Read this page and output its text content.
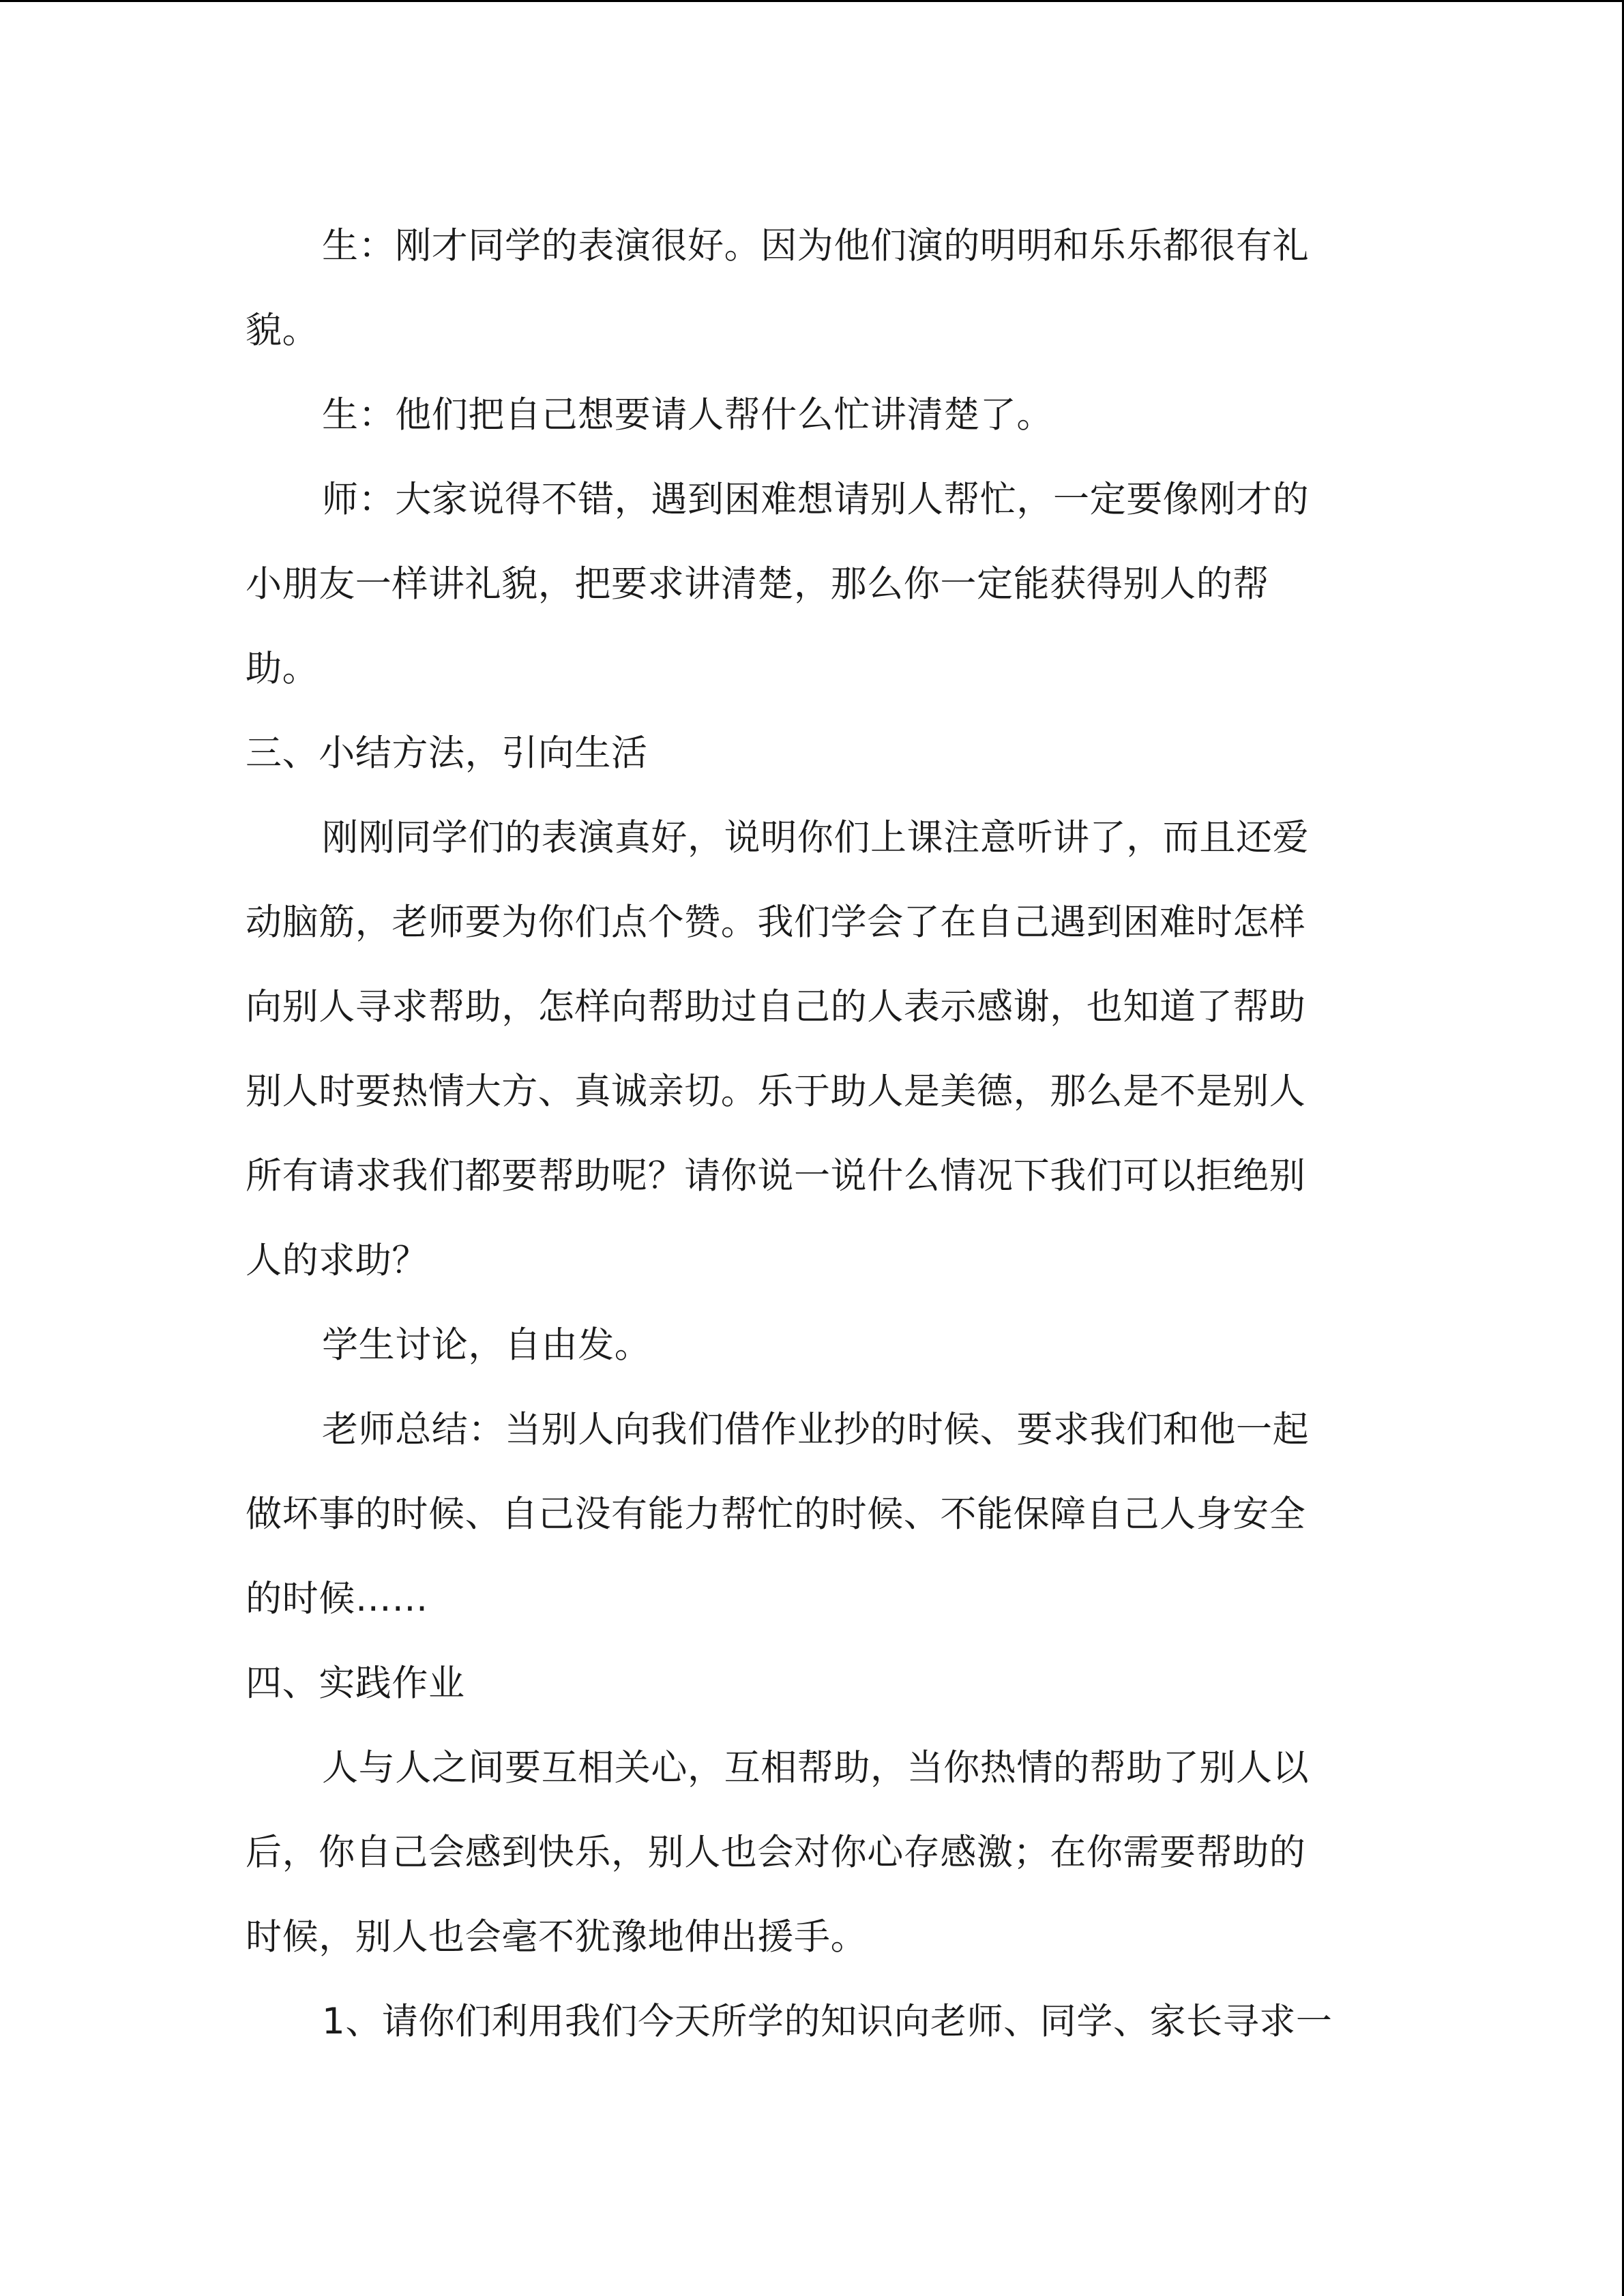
生：刚才同学的表演很好。因为他们演的明明和乐乐都很有礼

貌。

生：他们把自己想要请人帮什么忙讲清楚了。

师：大家说得不错，遇到困难想请别人帮忙，一定要像刚才的

小朋友一样讲礼貌，把要求讲清楚，那么你一定能获得别人的帮

助。

三、小结方法，引向生活

刚刚同学们的表演真好，说明你们上课注意听讲了，而且还爱

动脑筋，老师要为你们点个赞。我们学会了在自己遇到困难时怎样

向别人寻求帮助，怎样向帮助过自己的人表示感谢，也知道了帮助

别人时要热情大方、真诚亲切。乐于助人是美德，那么是不是别人

所有请求我们都要帮助呢？请你说一说什么情况下我们可以拒绝别

人的求助？

学生讨论，自由发。

老师总结：当别人向我们借作业抄的时候、要求我们和他一起

做坏事的时候、自己没有能力帮忙的时候、不能保障自己人身安全

的时候……

四、实践作业

人与人之间要互相关心，互相帮助，当你热情的帮助了别人以

后，你自己会感到快乐，别人也会对你心存感激；在你需要帮助的

时候，别人也会毫不犹豫地伸出援手。

1、请你们利用我们今天所学的知识向老师、同学、家长寻求一
